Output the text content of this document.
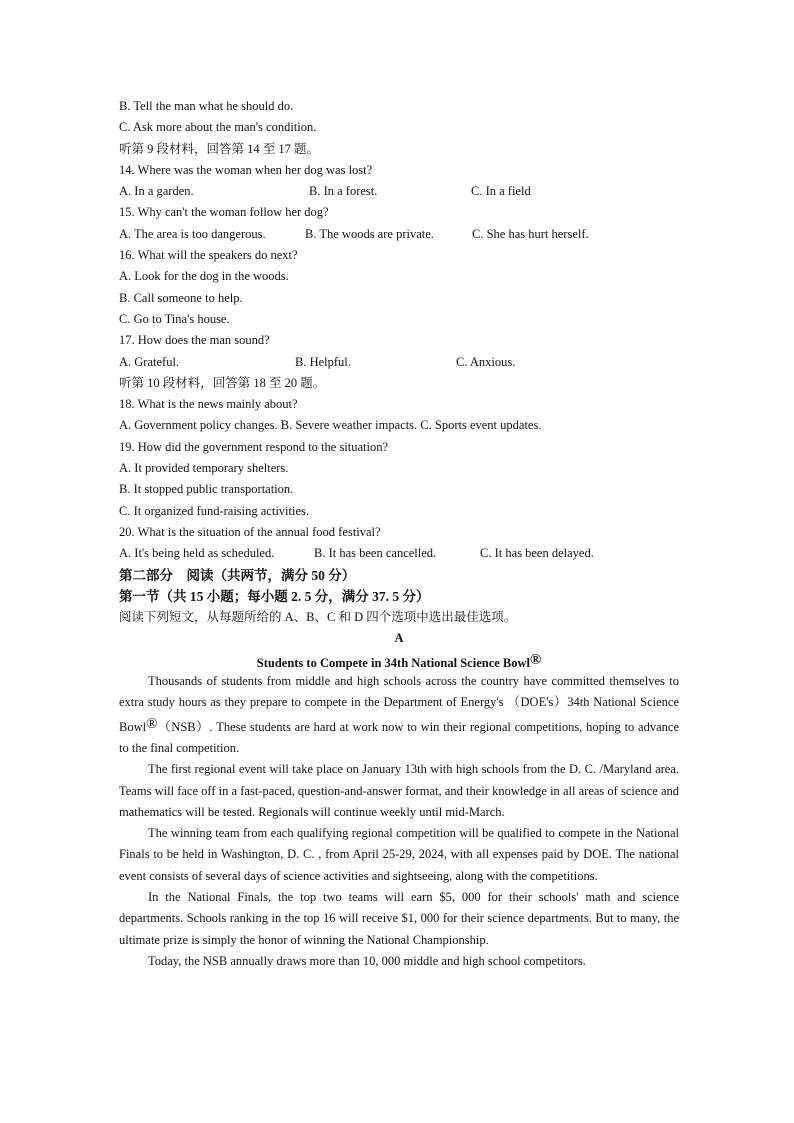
B. Tell the man what he should do.
C. Ask more about the man's condition.
听第 9 段材料，回答第 14 至 17 题。
14. Where was the woman when her dog was lost?
A. In a garden.	B. In a forest.	C. In a field
15. Why can't the woman follow her dog?
A. The area is too dangerous.	B. The woods are private.	C. She has hurt herself.
16. What will the speakers do next?
A. Look for the dog in the woods.
B. Call someone to help.
C. Go to Tina's house.
17. How does the man sound?
A. Grateful.	B. Helpful.	C. Anxious.
听第 10 段材料，回答第 18 至 20 题。
18. What is the news mainly about?
A. Government policy changes. B. Severe weather impacts. C. Sports event updates.
19. How did the government respond to the situation?
A. It provided temporary shelters.
B. It stopped public transportation.
C. It organized fund-raising activities.
20. What is the situation of the annual food festival?
A. It's being held as scheduled.	B. It has been cancelled.	C. It has been delayed.
第二部分　阅读（共两节，满分 50 分）
第一节（共 15 小题；每小题 2. 5 分，满分 37. 5 分）
阅读下列短文，从每题所给的 A、B、C 和 D 四个选项中选出最佳选项。
A
Students to Compete in 34th National Science Bowl®

Thousands of students from middle and high schools across the country have committed themselves to extra study hours as they prepare to compete in the Department of Energy's （DOE's）34th National Science Bowl®（NSB）. These students are hard at work now to win their regional competitions, hoping to advance to the final competition.

The first regional event will take place on January 13th with high schools from the D. C. /Maryland area. Teams will face off in a fast-paced, question-and-answer format, and their knowledge in all areas of science and mathematics will be tested. Regionals will continue weekly until mid-March.

The winning team from each qualifying regional competition will be qualified to compete in the National Finals to be held in Washington, D. C. , from April 25-29, 2024, with all expenses paid by DOE. The national event consists of several days of science activities and sightseeing, along with the competitions.

In the National Finals, the top two teams will earn $5, 000 for their schools' math and science departments. Schools ranking in the top 16 will receive $1, 000 for their science departments. But to many, the ultimate prize is simply the honor of winning the National Championship.

Today, the NSB annually draws more than 10, 000 middle and high school competitors.
